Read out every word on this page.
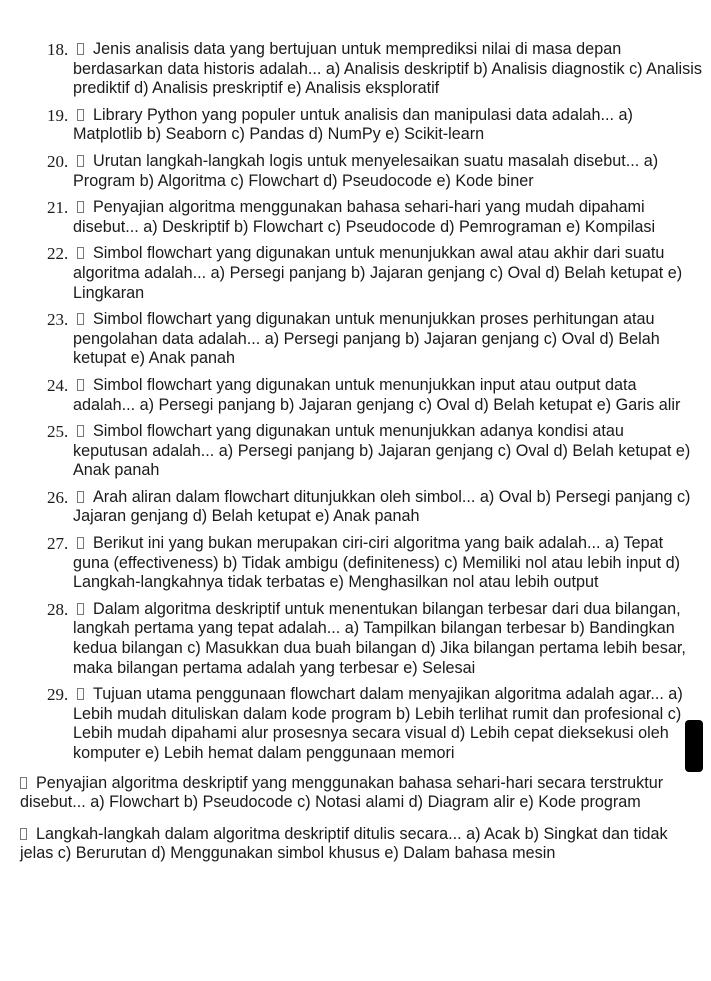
18. Jenis analisis data yang bertujuan untuk memprediksi nilai di masa depan berdasarkan data historis adalah... a) Analisis deskriptif b) Analisis diagnostik c) Analisis prediktif d) Analisis preskriptif e) Analisis eksploratif
19. Library Python yang populer untuk analisis dan manipulasi data adalah... a) Matplotlib b) Seaborn c) Pandas d) NumPy e) Scikit-learn
20. Urutan langkah-langkah logis untuk menyelesaikan suatu masalah disebut... a) Program b) Algoritma c) Flowchart d) Pseudocode e) Kode biner
21. Penyajian algoritma menggunakan bahasa sehari-hari yang mudah dipahami disebut... a) Deskriptif b) Flowchart c) Pseudocode d) Pemrograman e) Kompilasi
22. Simbol flowchart yang digunakan untuk menunjukkan awal atau akhir dari suatu algoritma adalah... a) Persegi panjang b) Jajaran genjang c) Oval d) Belah ketupat e) Lingkaran
23. Simbol flowchart yang digunakan untuk menunjukkan proses perhitungan atau pengolahan data adalah... a) Persegi panjang b) Jajaran genjang c) Oval d) Belah ketupat e) Anak panah
24. Simbol flowchart yang digunakan untuk menunjukkan input atau output data adalah... a) Persegi panjang b) Jajaran genjang c) Oval d) Belah ketupat e) Garis alir
25. Simbol flowchart yang digunakan untuk menunjukkan adanya kondisi atau keputusan adalah... a) Persegi panjang b) Jajaran genjang c) Oval d) Belah ketupat e) Anak panah
26. Arah aliran dalam flowchart ditunjukkan oleh simbol... a) Oval b) Persegi panjang c) Jajaran genjang d) Belah ketupat e) Anak panah
27. Berikut ini yang bukan merupakan ciri-ciri algoritma yang baik adalah... a) Tepat guna (effectiveness) b) Tidak ambigu (definiteness) c) Memiliki nol atau lebih input d) Langkah-langkahnya tidak terbatas e) Menghasilkan nol atau lebih output
28. Dalam algoritma deskriptif untuk menentukan bilangan terbesar dari dua bilangan, langkah pertama yang tepat adalah... a) Tampilkan bilangan terbesar b) Bandingkan kedua bilangan c) Masukkan dua buah bilangan d) Jika bilangan pertama lebih besar, maka bilangan pertama adalah yang terbesar e) Selesai
29. Tujuan utama penggunaan flowchart dalam menyajikan algoritma adalah agar... a) Lebih mudah dituliskan dalam kode program b) Lebih terlihat rumit dan profesional c) Lebih mudah dipahami alur prosesnya secara visual d) Lebih cepat dieksekusi oleh komputer e) Lebih hemat dalam penggunaan memori
Penyajian algoritma deskriptif yang menggunakan bahasa sehari-hari secara terstruktur disebut... a) Flowchart b) Pseudocode c) Notasi alami d) Diagram alir e) Kode program
Langkah-langkah dalam algoritma deskriptif ditulis secara... a) Acak b) Singkat dan tidak jelas c) Berurutan d) Menggunakan simbol khusus e) Dalam bahasa mesin
